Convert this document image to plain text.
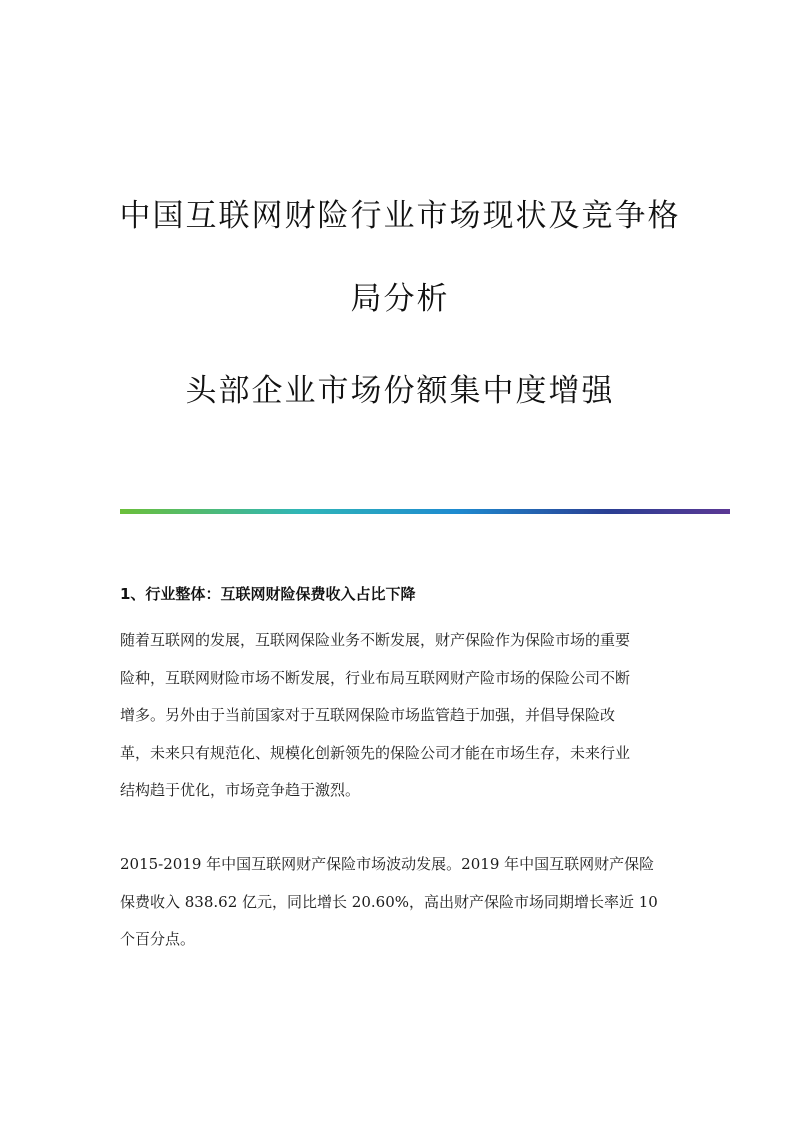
中国互联网财险行业市场现状及竞争格
局分析
头部企业市场份额集中度增强
1、行业整体：互联网财险保费收入占比下降
随着互联网的发展，互联网保险业务不断发展，财产保险作为保险市场的重要
险种，互联网财险市场不断发展，行业布局互联网财产险市场的保险公司不断
增多。另外由于当前国家对于互联网保险市场监管趋于加强，并倡导保险改
革，未来只有规范化、规模化创新领先的保险公司才能在市场生存，未来行业
结构趋于优化，市场竞争趋于激烈。
2015-2019 年中国互联网财产保险市场波动发展。2019 年中国互联网财产保险
保费收入 838.62 亿元，同比增长 20.60%，高出财产保险市场同期增长率近 10
个百分点。
